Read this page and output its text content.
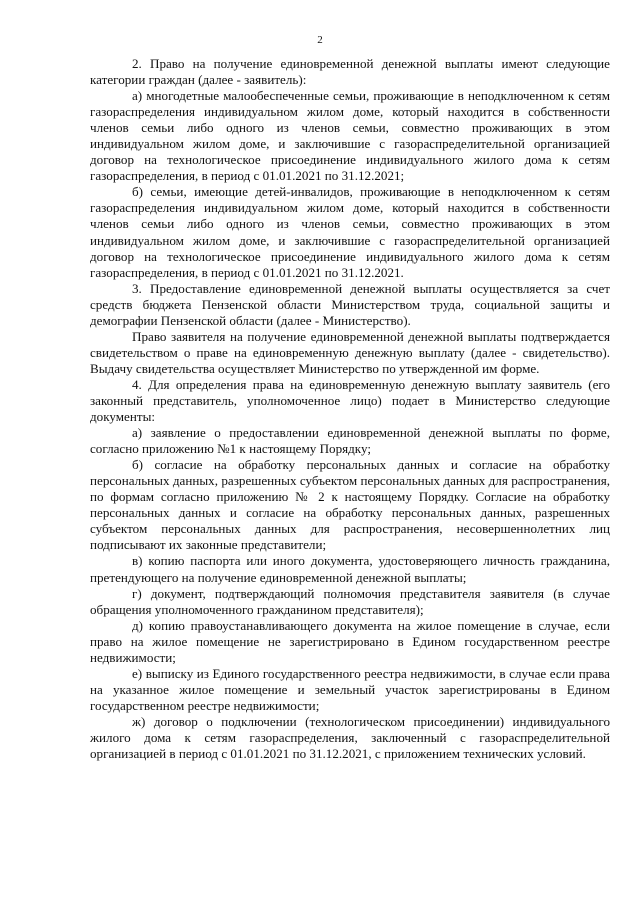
2

2. Право на получение единовременной денежной выплаты имеют следующие категории граждан (далее - заявитель):

а) многодетные малообеспеченные семьи, проживающие в неподключенном к сетям газораспределения индивидуальном жилом доме, который находится в собственности членов семьи либо одного из членов семьи, совместно проживающих в этом индивидуальном жилом доме, и заключившие с газораспределительной организацией договор на технологическое присоединение индивидуального жилого дома к сетям газораспределения, в период с 01.01.2021 по 31.12.2021;

б) семьи, имеющие детей-инвалидов, проживающие в неподключенном к сетям газораспределения индивидуальном жилом доме, который находится в собственности членов семьи либо одного из членов семьи, совместно проживающих в этом индивидуальном жилом доме, и заключившие с газораспределительной организацией договор на технологическое присоединение индивидуального жилого дома к сетям газораспределения, в период с 01.01.2021 по 31.12.2021.

3. Предоставление единовременной денежной выплаты осуществляется за счет средств бюджета Пензенской области Министерством труда, социальной защиты и демографии Пензенской области (далее - Министерство).

Право заявителя на получение единовременной денежной выплаты подтверждается свидетельством о праве на единовременную денежную выплату (далее - свидетельство). Выдачу свидетельства осуществляет Министерство по утвержденной им форме.

4. Для определения права на единовременную денежную выплату заявитель (его законный представитель, уполномоченное лицо) подает в Министерство следующие документы:

а) заявление о предоставлении единовременной денежной выплаты по форме, согласно приложению №1 к настоящему Порядку;

б) согласие на обработку персональных данных и согласие на обработку персональных данных, разрешенных субъектом персональных данных для распространения, по формам согласно приложению № 2 к настоящему Порядку. Согласие на обработку персональных данных и согласие на обработку персональных данных, разрешенных субъектом персональных данных для распространения, несовершеннолетних лиц подписывают их законные представители;

в) копию паспорта или иного документа, удостоверяющего личность гражданина, претендующего на получение единовременной денежной выплаты;

г) документ, подтверждающий полномочия представителя заявителя (в случае обращения уполномоченного гражданином представителя);

д) копию правоустанавливающего документа на жилое помещение в случае, если право на жилое помещение не зарегистрировано в Едином государственном реестре недвижимости;

е) выписку из Единого государственного реестра недвижимости, в случае если права на указанное жилое помещение и земельный участок зарегистрированы в Едином государственном реестре недвижимости;

ж) договор о подключении (технологическом присоединении) индивидуального жилого дома к сетям газораспределения, заключенный с газораспределительной организацией в период с 01.01.2021 по 31.12.2021, с приложением технических условий.
